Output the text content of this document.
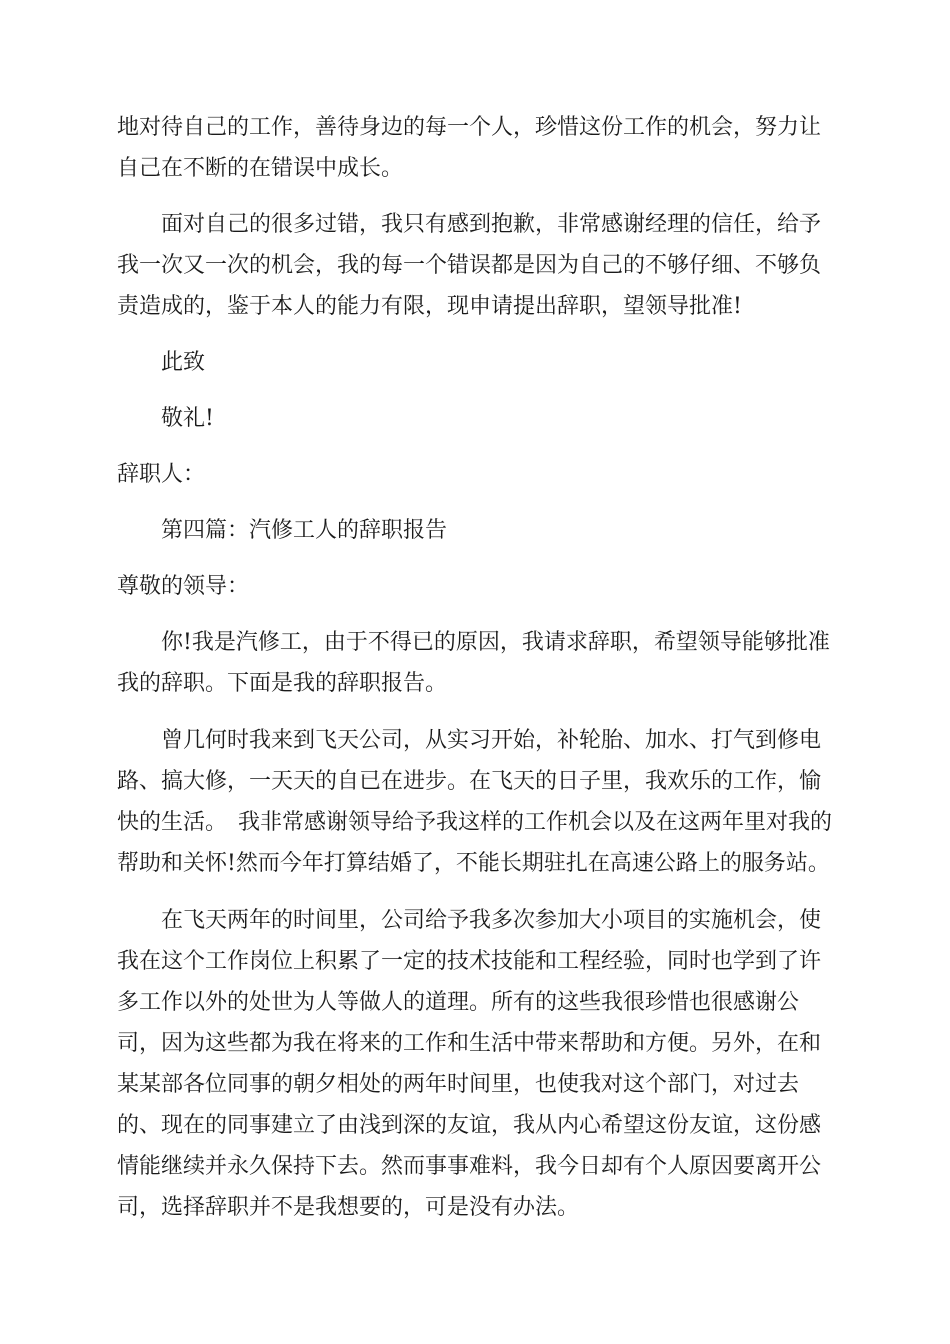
地对待自己的工作，善待身边的每一个人，珍惜这份工作的机会，努力让自己在不断的在错误中成长。

面对自己的很多过错，我只有感到抱歉，非常感谢经理的信任，给予我一次又一次的机会，我的每一个错误都是因为自己的不够仔细、不够负责造成的，鉴于本人的能力有限，现申请提出辞职，望领导批准!

此致

敬礼!

辞职人：

第四篇：汽修工人的辞职报告

尊敬的领导：

你!我是汽修工，由于不得已的原因，我请求辞职，希望领导能够批准我的辞职。下面是我的辞职报告。

曾几何时我来到飞天公司，从实习开始，补轮胎、加水、打气到修电路、搞大修，一天天的自已在进步。在飞天的日子里，我欢乐的工作，愉快的生活。　我非常感谢领导给予我这样的工作机会以及在这两年里对我的帮助和关怀!然而今年打算结婚了，不能长期驻扎在高速公路上的服务站。

在飞天两年的时间里，公司给予我多次参加大小项目的实施机会，使我在这个工作岗位上积累了一定的技术技能和工程经验，同时也学到了许多工作以外的处世为人等做人的道理。所有的这些我很珍惜也很感谢公司，因为这些都为我在将来的工作和生活中带来帮助和方便。另外，在和某某部各位同事的朝夕相处的两年时间里，也使我对这个部门，对过去的、现在的同事建立了由浅到深的友谊，我从内心希望这份友谊，这份感情能继续并永久保持下去。然而事事难料，我今日却有个人原因要离开公司，选择辞职并不是我想要的，可是没有办法。
